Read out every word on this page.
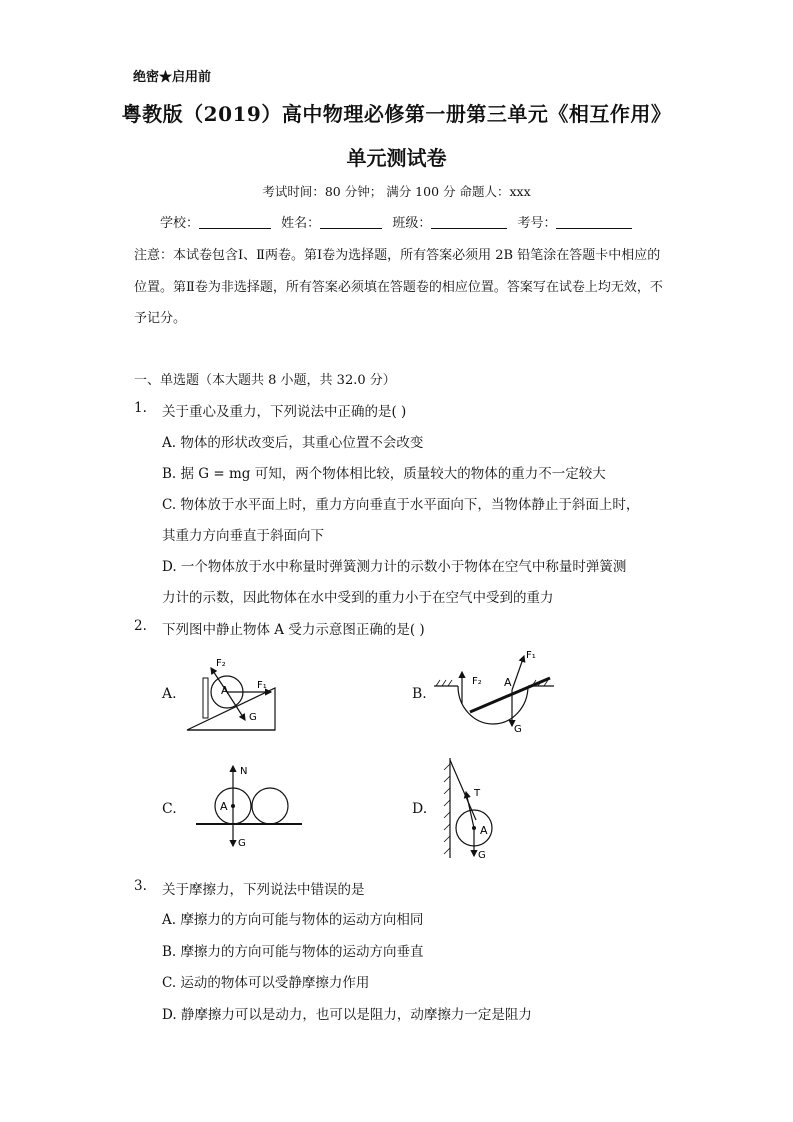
绝密★启用前
粤教版（2019）高中物理必修第一册第三单元《相互作用》
单元测试卷
考试时间：80 分钟； 满分 100 分 命题人：xxx
学校：	姓名：	班级：	考号：
注意：本试卷包含Ⅰ、Ⅱ两卷。第Ⅰ卷为选择题，所有答案必须用 2B 铅笔涂在答题卡中相应的位置。第Ⅱ卷为非选择题，所有答案必须填在答题卷的相应位置。答案写在试卷上均无效，不予记分。
一、单选题（本大题共 8 小题，共 32.0 分）
1. 关于重心及重力，下列说法中正确的是( )
A. 物体的形状改变后，其重心位置不会改变
B. 据 G = mg 可知，两个物体相比较，质量较大的物体的重力不一定较大
C. 物体放于水平面上时，重力方向垂直于水平面向下，当物体静止于斜面上时，
其重力方向垂直于斜面向下
D. 一个物体放于水中称量时弹簧测力计的示数小于物体在空气中称量时弹簧测
力计的示数，因此物体在水中受到的重力小于在空气中受到的重力
2. 下列图中静止物体 A 受力示意图正确的是( )
A.	B.
C.	D.
F₂
A	F₁
G
F₂ A
F₁
G
N
A
G
T
A
G
3. 关于摩擦力，下列说法中错误的是
A. 摩擦力的方向可能与物体的运动方向相同
B. 摩擦力的方向可能与物体的运动方向垂直
C. 运动的物体可以受静摩擦力作用
D. 静摩擦力可以是动力，也可以是阻力，动摩擦力一定是阻力
